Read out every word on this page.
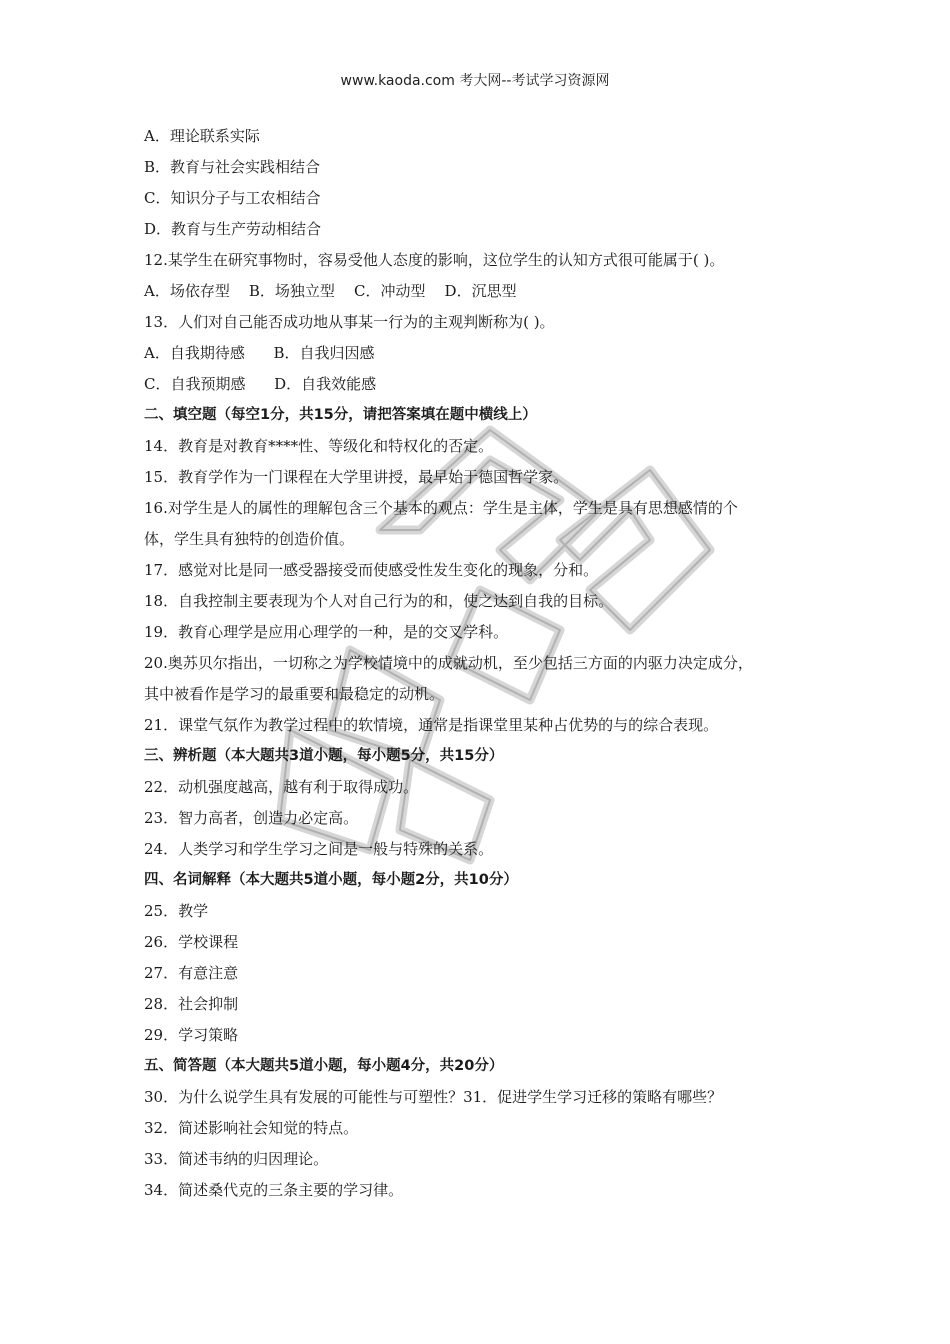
www.kaoda.com 考大网--考试学习资源网
A．理论联系实际
B．教育与社会实践相结合
C．知识分子与工农相结合
D．教育与生产劳动相结合
12.某学生在研究事物时，容易受他人态度的影响，这位学生的认知方式很可能属于( )。
A．场依存型    B．场独立型    C．冲动型    D．沉思型
13．人们对自己能否成功地从事某一行为的主观判断称为( )。
A．自我期待感      B．自我归因感
C．自我预期感      D．自我效能感
二、填空题（每空1分，共15分，请把答案填在题中横线上）
14．教育是对教育****性、等级化和特权化的否定。
15．教育学作为一门课程在大学里讲授，最早始于德国哲学家。
16.对学生是人的属性的理解包含三个基本的观点：学生是主体，学生是具有思想感情的个
体，学生具有独特的创造价值。
17．感觉对比是同一感受器接受而使感受性发生变化的现象，分和。
18．自我控制主要表现为个人对自己行为的和，使之达到自我的目标。
19．教育心理学是应用心理学的一种，是的交叉学科。
20.奥苏贝尔指出，一切称之为学校情境中的成就动机，至少包括三方面的内驱力决定成分，
其中被看作是学习的最重要和最稳定的动机。
21．课堂气氛作为教学过程中的软情境，通常是指课堂里某种占优势的与的综合表现。
三、辨析题（本大题共3道小题，每小题5分，共15分）
22．动机强度越高，越有利于取得成功。
23．智力高者，创造力必定高。
24．人类学习和学生学习之间是一般与特殊的关系。
四、名词解释（本大题共5道小题，每小题2分，共10分）
25．教学
26．学校课程
27．有意注意
28．社会抑制
29．学习策略
五、简答题（本大题共5道小题，每小题4分，共20分）
30．为什么说学生具有发展的可能性与可塑性？31．促进学生学习迁移的策略有哪些？
32．简述影响社会知觉的特点。
33．简述韦纳的归因理论。
34．简述桑代克的三条主要的学习律。
